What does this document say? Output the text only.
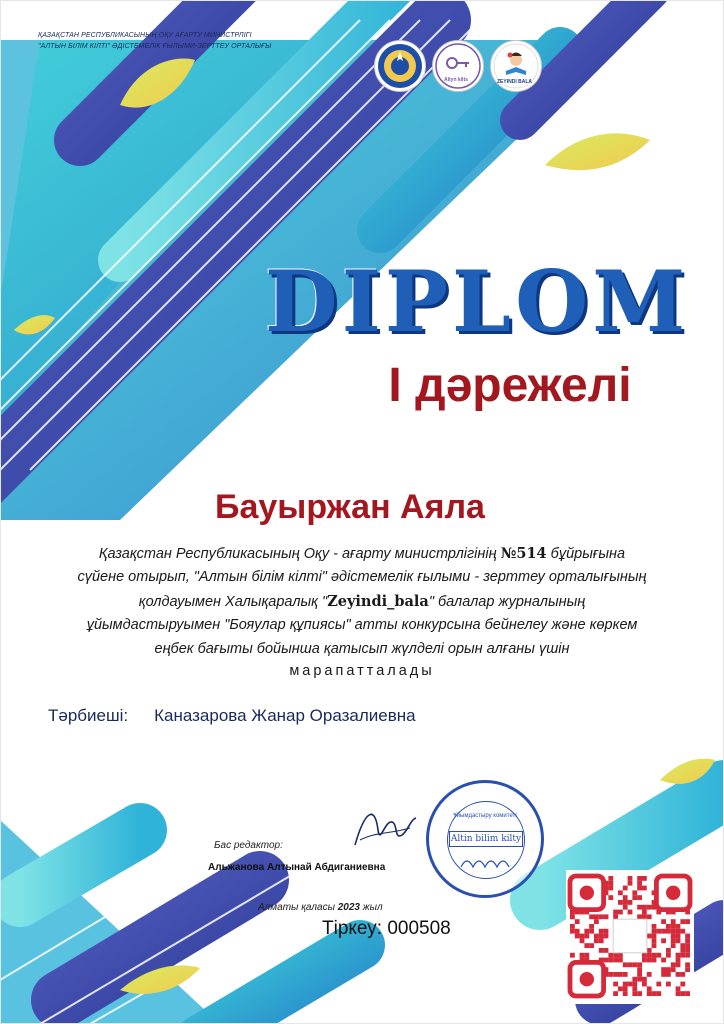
ҚАЗАҚСТАН РЕСПУБЛИКАСЫНЫҢ ОҚУ АҒАРТУ МИНИСТРЛІГІ
"АЛТЫН БІЛІМ КІЛТІ" ӘДІСТЕМЕЛІК ҒЫЛЫМИ-ЗЕРТТЕУ ОРТАЛЫҒЫ
Altyn kilts	ZEYINDI BALA
DIPLOM
I дәрежелі
Бауыржан Аяла
Қазақстан Республикасының Оқу - ағарту министрлігінің №514 бұйрығына
сүйене отырып, "Алтын білім кілті" әдістемелік ғылыми - зерттеу орталығының
қолдауымен Халықаралық "Zeyindi_bala" балалар журналының
ұйымдастыруымен "Бояулар құпиясы" атты конкурсына бейнелеу және көркем
еңбек бағыты бойынша қатысып жүлделі орын алғаны үшін
марапатталады
Тәрбиеші: Каназарова Жанар Оразалиевна
Бас редактор:
Альжанова Алтынай Абдиганиевна
Алматы қаласы 2023 жыл
Тіркеу: 000508
Ұйымдастыру комитеті
Altin bilim kilty
